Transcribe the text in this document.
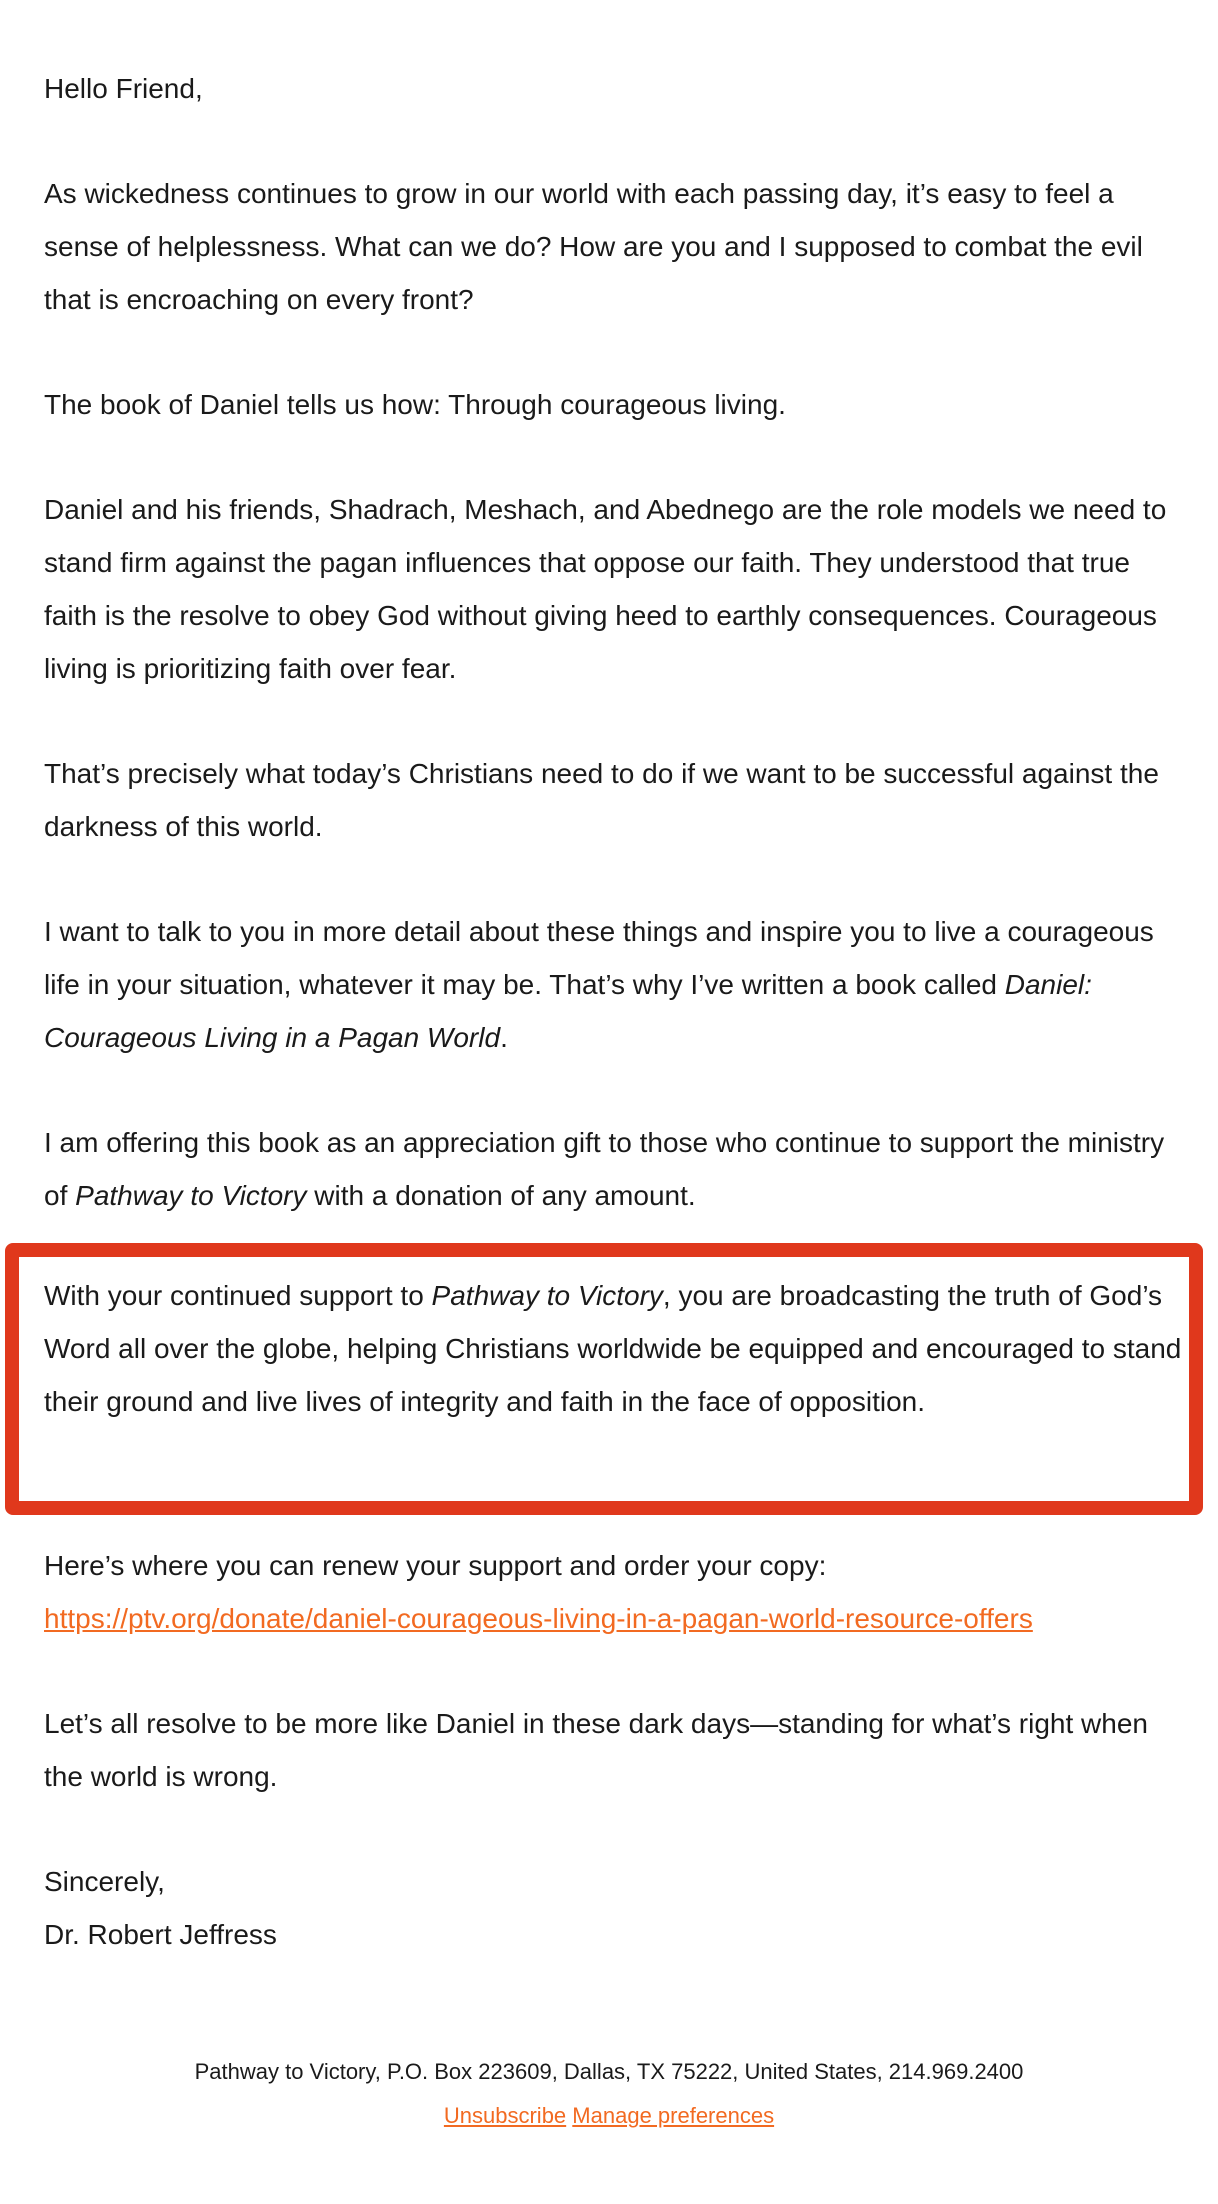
Hello Friend,

As wickedness continues to grow in our world with each passing day, it’s easy to feel a sense of helplessness. What can we do? How are you and I supposed to combat the evil that is encroaching on every front?

The book of Daniel tells us how: Through courageous living.

Daniel and his friends, Shadrach, Meshach, and Abednego are the role models we need to stand firm against the pagan influences that oppose our faith. They understood that true faith is the resolve to obey God without giving heed to earthly consequences. Courageous living is prioritizing faith over fear.

That’s precisely what today’s Christians need to do if we want to be successful against the darkness of this world.

I want to talk to you in more detail about these things and inspire you to live a courageous life in your situation, whatever it may be. That’s why I’ve written a book called Daniel: Courageous Living in a Pagan World.

I am offering this book as an appreciation gift to those who continue to support the ministry of Pathway to Victory with a donation of any amount.

With your continued support to Pathway to Victory, you are broadcasting the truth of God’s Word all over the globe, helping Christians worldwide be equipped and encouraged to stand their ground and live lives of integrity and faith in the face of opposition.

Here’s where you can renew your support and order your copy:
https://ptv.org/donate/daniel-courageous-living-in-a-pagan-world-resource-offers

Let’s all resolve to be more like Daniel in these dark days—standing for what’s right when the world is wrong.

Sincerely,
Dr. Robert Jeffress

Pathway to Victory, P.O. Box 223609, Dallas, TX 75222, United States, 214.969.2400
Unsubscribe Manage preferences
